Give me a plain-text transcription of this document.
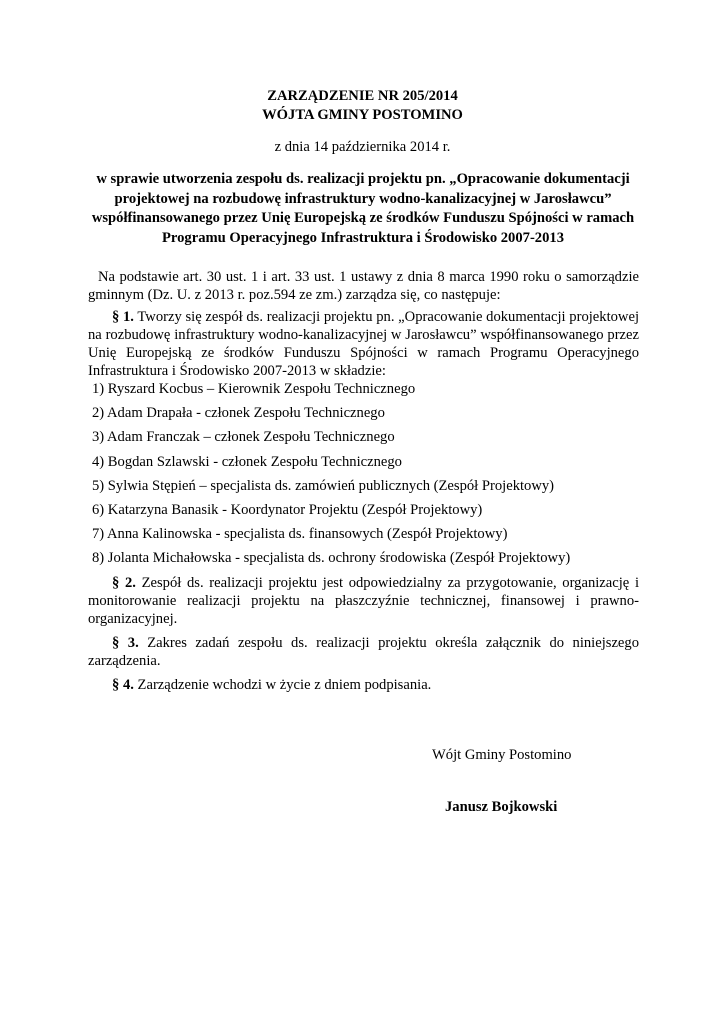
ZARZĄDZENIE NR 205/2014
WÓJTA GMINY POSTOMINO
z dnia 14 października 2014 r.
w sprawie utworzenia zespołu ds. realizacji projektu pn. „Opracowanie dokumentacji projektowej na rozbudowę infrastruktury wodno-kanalizacyjnej w Jarosławcu” współfinansowanego przez Unię Europejską ze środków Funduszu Spójności w ramach Programu Operacyjnego Infrastruktura i Środowisko 2007-2013
Na podstawie art. 30 ust. 1 i art. 33 ust. 1 ustawy z dnia 8 marca 1990 roku o samorządzie gminnym (Dz. U. z 2013 r. poz.594 ze zm.) zarządza się, co następuje:
§ 1. Tworzy się zespół ds. realizacji projektu pn. „Opracowanie dokumentacji projektowej na rozbudowę infrastruktury wodno-kanalizacyjnej w Jarosławcu” współfinansowanego przez Unię Europejską ze środków Funduszu Spójności w ramach Programu Operacyjnego Infrastruktura i Środowisko 2007-2013 w składzie:
1) Ryszard Kocbus – Kierownik Zespołu Technicznego
2) Adam Drapała - członek Zespołu Technicznego
3) Adam Franczak – członek Zespołu Technicznego
4) Bogdan Szlawski - członek Zespołu Technicznego
5) Sylwia Stępień – specjalista ds. zamówień publicznych (Zespół Projektowy)
6) Katarzyna Banasik - Koordynator Projektu (Zespół Projektowy)
7) Anna Kalinowska - specjalista ds. finansowych (Zespół Projektowy)
8) Jolanta Michałowska - specjalista ds. ochrony środowiska (Zespół Projektowy)
§ 2. Zespół ds. realizacji projektu jest odpowiedzialny za przygotowanie, organizację i monitorowanie realizacji projektu na płaszczyźnie technicznej, finansowej i prawno-organizacyjnej.
§ 3. Zakres zadań zespołu ds. realizacji projektu określa załącznik do niniejszego zarządzenia.
§ 4. Zarządzenie wchodzi w życie z dniem podpisania.
Wójt Gminy Postomino
Janusz Bojkowski
